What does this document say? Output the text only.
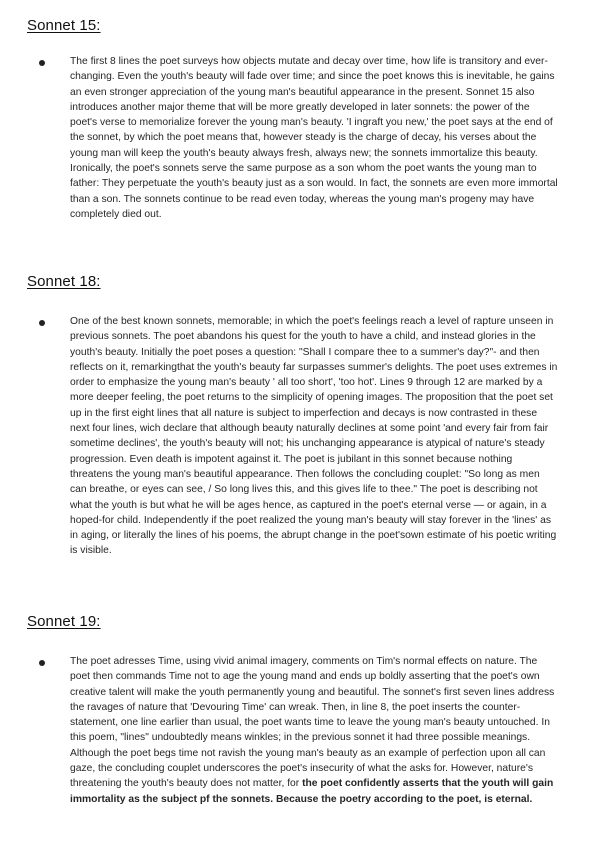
Sonnet 15:

The first 8 lines the poet surveys how objects mutate and decay over time, how life is transitory and ever-changing. Even the youth's beauty will fade over time; and since the poet knows this is inevitable, he gains an even stronger appreciation of the young man's beautiful appearance in the present. Sonnet 15 also introduces another major theme that will be more greatly developed in later sonnets: the power of the poet's verse to memorialize forever the young man's beauty. 'I ingraft you new,' the poet says at the end of the sonnet, by which the poet means that, however steady is the charge of decay, his verses about the young man will keep the youth's beauty always fresh, always new; the sonnets immortalize this beauty. Ironically, the poet's sonnets serve the same purpose as a son whom the poet wants the young man to father: They perpetuate the youth's beauty just as a son would. In fact, the sonnets are even more immortal than a son. The sonnets continue to be read even today, whereas the young man's progeny may have completely died out.

Sonnet 18:

One of the best known sonnets, memorable; in which the poet's feelings reach a level of rapture unseen in previous sonnets. The poet abandons his quest for the youth to have a child, and instead glories in the youth's beauty. Initially the poet poses a question: "Shall I compare thee to a summer's day?"- and then reflects on it, remarkingthat the youth's beauty far surpasses summer's delights. The poet uses extremes in order to emphasize the young man's beauty ' all too short', 'too hot'. Lines 9 through 12 are marked by a more deeper feeling, the poet returns to the simplicity of opening images. The proposition that the poet set up in the first eight lines that all nature is subject to imperfection and decays is now contrasted in these next four lines, wich declare that although beauty naturally declines at some point 'and every fair from fair sometime declines', the youth's beauty will not; his unchanging appearance is atypical of nature's steady progression. Even death is impotent against it. The poet is jubilant in this sonnet because nothing threatens the young man's beautiful appearance. Then follows the concluding couplet: "So long as men can breathe, or eyes can see, / So long lives this, and this gives life to thee." The poet is describing not what the youth is but what he will be ages hence, as captured in the poet's eternal verse — or again, in a hoped-for child. Independently if the poet realized the young man's beauty will stay forever in the 'lines' as in aging, or literally the lines of his poems, the abrupt change in the poet'sown estimate of his poetic writing is visible.

Sonnet 19:

The poet adresses Time, using vivid animal imagery, comments on Tim's normal effects on nature. The poet then commands Time not to age the young mand and ends up boldly asserting that the poet's own creative talent will make the youth permanently young and beautiful. The sonnet's first seven lines address the ravages of nature that 'Devouring Time' can wreak. Then, in line 8, the poet inserts the counter-statement, one line earlier than usual, the poet wants time to leave the young man's beauty untouched. In this poem, "lines" undoubtedly means winkles; in the previous sonnet it had three possible meanings. Although the poet begs time not ravish the young man's beauty as an example of perfection upon all can gaze, the concluding couplet underscores the poet's insecurity of what the asks for. However, nature's threatening the youth's beauty does not matter, for the poet confidently asserts that the youth will gain immortality as the subject pf the sonnets. Because the poetry according to the poet, is eternal.
